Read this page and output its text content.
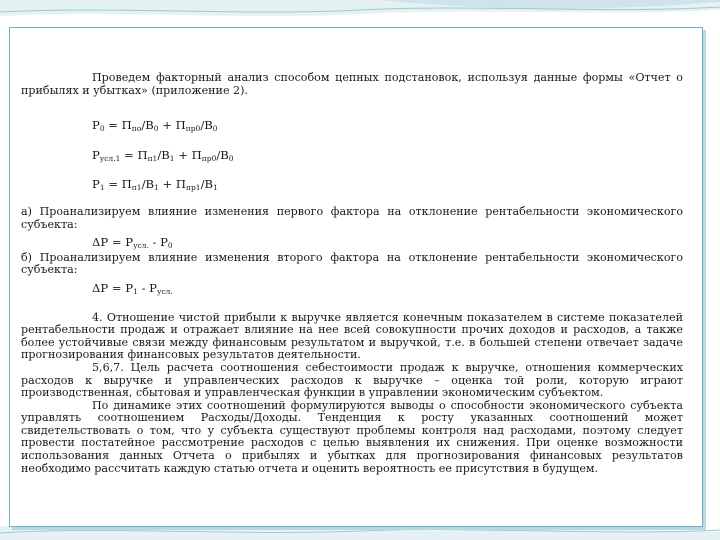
Проведем факторный анализ способом цепных подстановок, используя данные формы «Отчет о прибылях и убытках» (приложение 2).

$Р_0 = П_{по}/В_0 + П_{пр0}/В_0$
$Р_{усл.1} = П_{п1}/В_1 + П_{пр0}/В_0$
$Р_1 = П_{п1}/В_1 + П_{пр1}/В_1$

а) Проанализируем влияние изменения первого фактора на отклонение рентабельности экономического субъекта:

$\Delta Р = Р_{усл.} - Р_0$

б) Проанализируем влияние изменения второго фактора на отклонение рентабельности экономического субъекта:

$\Delta Р = Р_1 - Р_{усл.}$

4. Отношение чистой прибыли к выручке является конечным показателем в системе показателей рентабельности продаж и отражает влияние на нее всей совокупности прочих доходов и расходов, а также более устойчивые связи между финансовым результатом и выручкой, т.е. в большей степени отвечает задаче прогнозирования финансовых результатов деятельности.

5,6,7. Цель расчета соотношения себестоимости продаж к выручке, отношения коммерческих расходов к выручке и управленческих расходов к выручке – оценка той роли, которую играют производственная, сбытовая и управленческая функции в управлении экономическим субъектом.

По динамике этих соотношений формулируются выводы о способности экономического субъекта управлять соотношением Расходы/Доходы. Тенденция к росту указанных соотношений может свидетельствовать о том, что у субъекта существуют проблемы контроля над расходами, поэтому следует провести постатейное рассмотрение расходов с целью выявления их снижения. При оценке возможности использования данных Отчета о прибылях и убытках для прогнозирования финансовых результатов необходимо рассчитать каждую статью отчета и оценить вероятность ее присутствия в будущем.
